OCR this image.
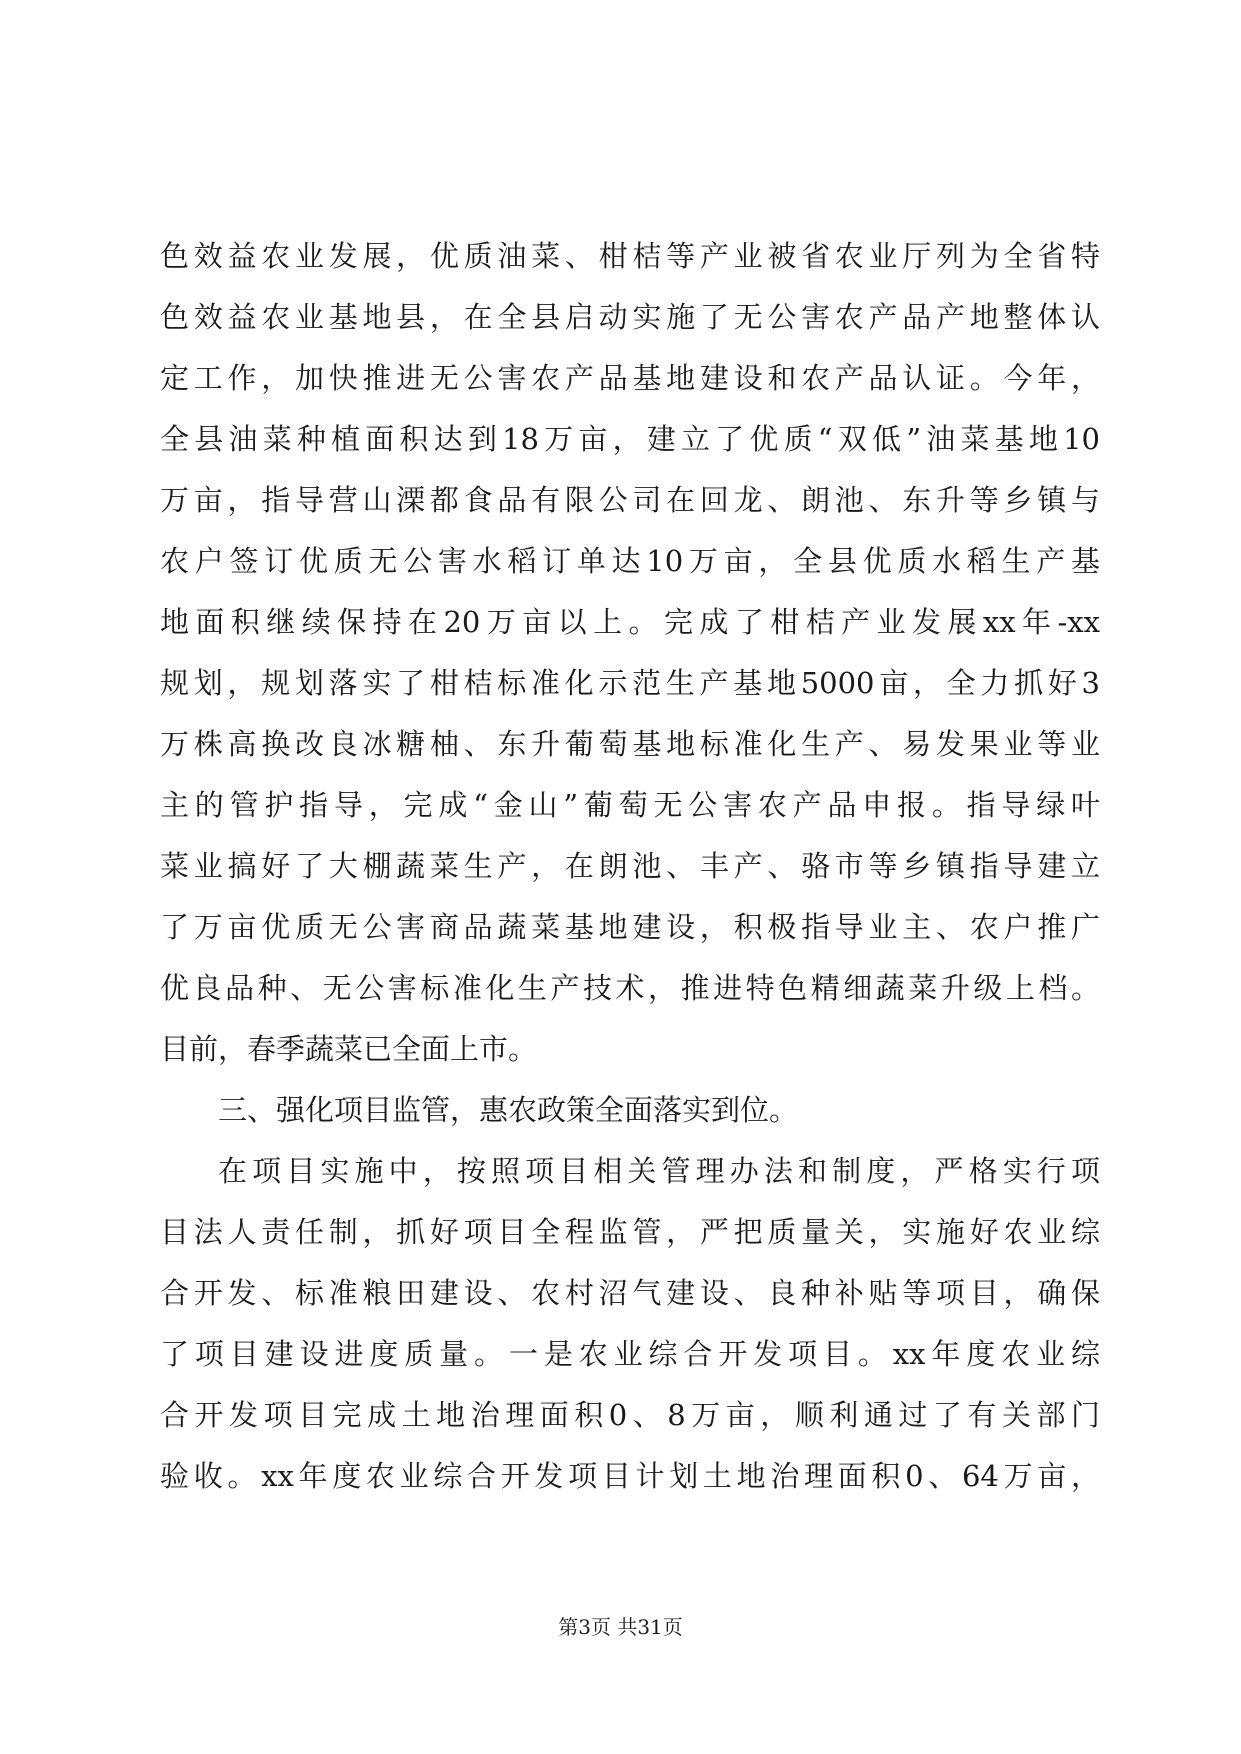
色效益农业发展，优质油菜、柑桔等产业被省农业厅列为全省特
色效益农业基地县，在全县启动实施了无公害农产品产地整体认
定工作，加快推进无公害农产品基地建设和农产品认证。今年，
全县油菜种植面积达到18万亩，建立了优质“双低”油菜基地10
万亩，指导营山溧都食品有限公司在回龙、朗池、东升等乡镇与
农户签订优质无公害水稻订单达10万亩，全县优质水稻生产基
地面积继续保持在20万亩以上。完成了柑桔产业发展xx年-xx
规划，规划落实了柑桔标准化示范生产基地5000亩，全力抓好3
万株高换改良冰糖柚、东升葡萄基地标准化生产、易发果业等业
主的管护指导，完成“金山”葡萄无公害农产品申报。指导绿叶
菜业搞好了大棚蔬菜生产，在朗池、丰产、骆市等乡镇指导建立
了万亩优质无公害商品蔬菜基地建设，积极指导业主、农户推广
优良品种、无公害标准化生产技术，推进特色精细蔬菜升级上档。
目前，春季蔬菜已全面上市。
三、强化项目监管，惠农政策全面落实到位。
在项目实施中，按照项目相关管理办法和制度，严格实行项
目法人责任制，抓好项目全程监管，严把质量关，实施好农业综
合开发、标准粮田建设、农村沼气建设、良种补贴等项目，确保
了项目建设进度质量。一是农业综合开发项目。xx年度农业综
合开发项目完成土地治理面积0、8万亩，顺利通过了有关部门
验收。xx年度农业综合开发项目计划土地治理面积0、64万亩，
第3页 共31页
